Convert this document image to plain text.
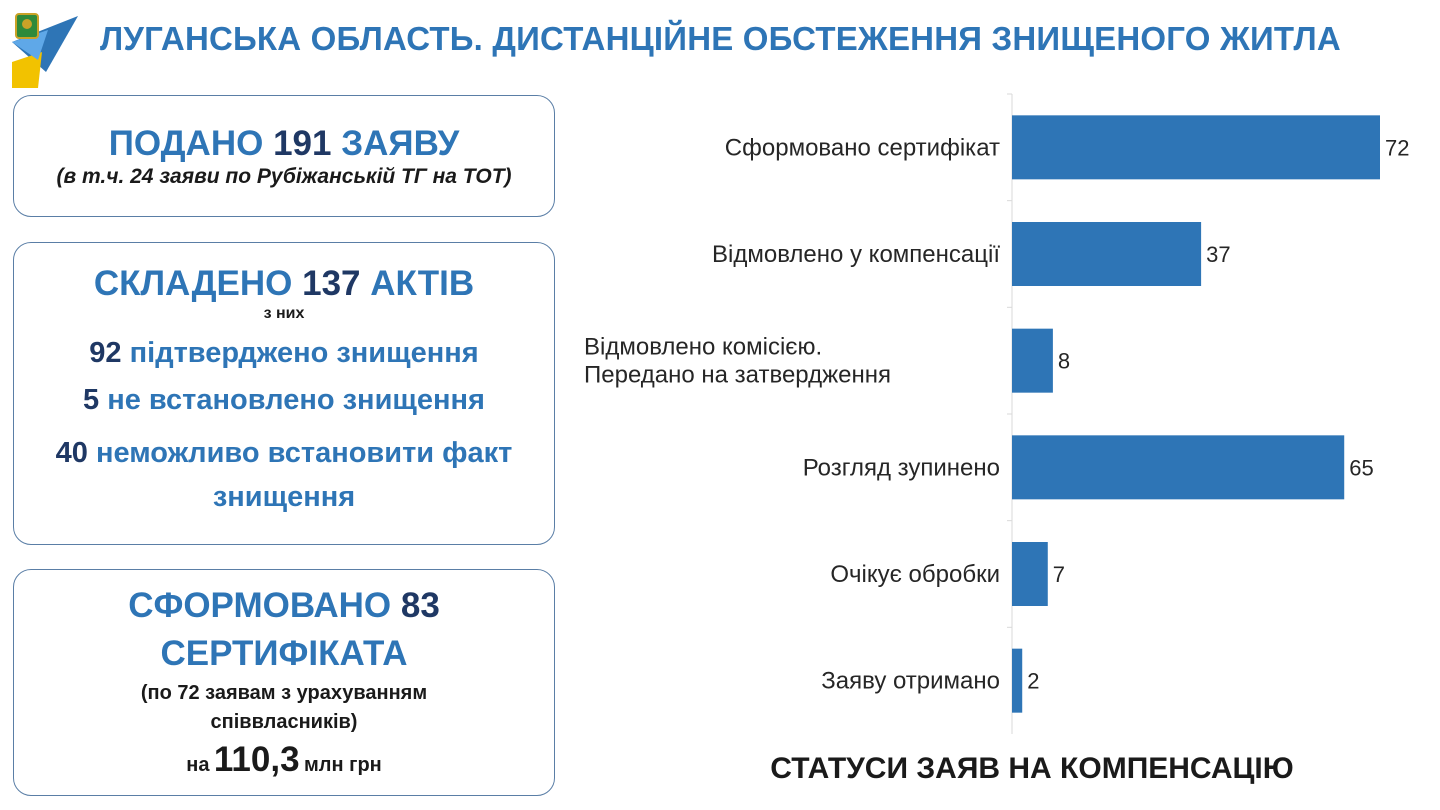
ЛУГАНСЬКА ОБЛАСТЬ. ДИСТАНЦІЙНЕ ОБСТЕЖЕННЯ ЗНИЩЕНОГО ЖИТЛА
ПОДАНО 191 ЗАЯВУ
(в т.ч. 24 заяви по Рубіжанській ТГ на ТОТ)
СКЛАДЕНО 137 АКТІВ
з них
92 підтверджено знищення
5 не встановлено знищення
40 неможливо встановити факт знищення
СФОРМОВАНО 83 СЕРТИФІКАТА
(по 72 заявам з урахуванням
співвласників)
на 110,3 млн грн
72
Сформовано сертифікат
37
Відмовлено у компенсації
8
Відмовлено комісією. Передано на затвердження
65
Розгляд зупинено
7
Очікує обробки
2
Заяву отримано
СТАТУСИ ЗАЯВ НА КОМПЕНСАЦІЮ
